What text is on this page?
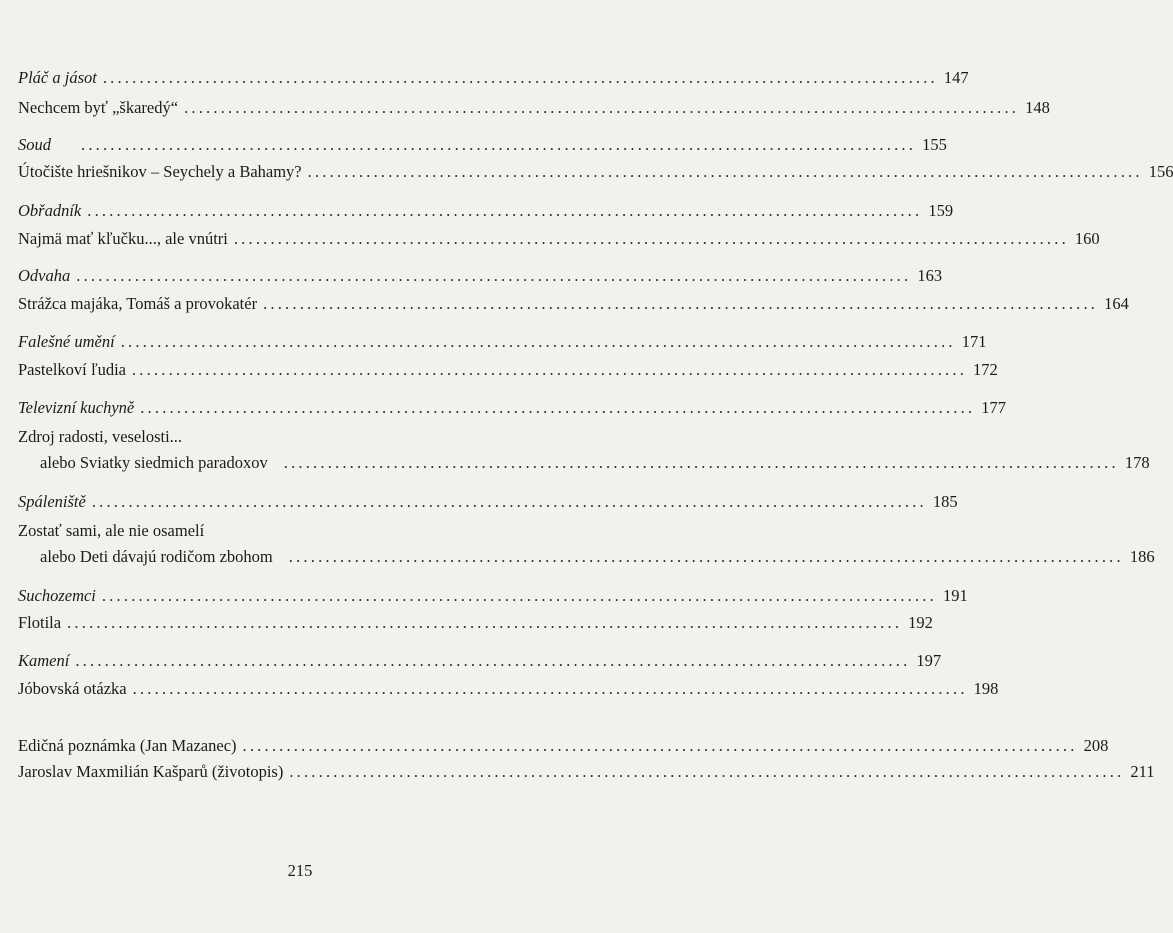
Pláč a jásot .................................................................................................................. 147
Nechcem byť „škaredý“ .................................................................................................................. 148
Soud .................................................................................................................. 155
Útočište hriešnikov – Seychely a Bahamy? .................................................................................................................. 156
Obřadník .................................................................................................................. 159
Najmä mať kľučku..., ale vnútri .................................................................................................................. 160
Odvaha .................................................................................................................. 163
Strážca majáka, Tomáš a provokatér .................................................................................................................. 164
Falešné umění .................................................................................................................. 171
Pastelkoví ľudia .................................................................................................................. 172
Televizní kuchyně .................................................................................................................. 177
Zdroj radosti, veselosti...
alebo Sviatky siedmich paradoxov .................................................................................................................. 178
Spáleniště .................................................................................................................. 185
Zostať sami, ale nie osamelí
alebo Deti dávajú rodičom zbohom .................................................................................................................. 186
Suchozemci .................................................................................................................. 191
Flotila .................................................................................................................. 192
Kamení .................................................................................................................. 197
Jóbovská otázka .................................................................................................................. 198
Edičná poznámka (Jan Mazanec) .................................................................................................................. 208
Jaroslav Maxmilián Kašparů (životopis) .................................................................................................................. 211
215
